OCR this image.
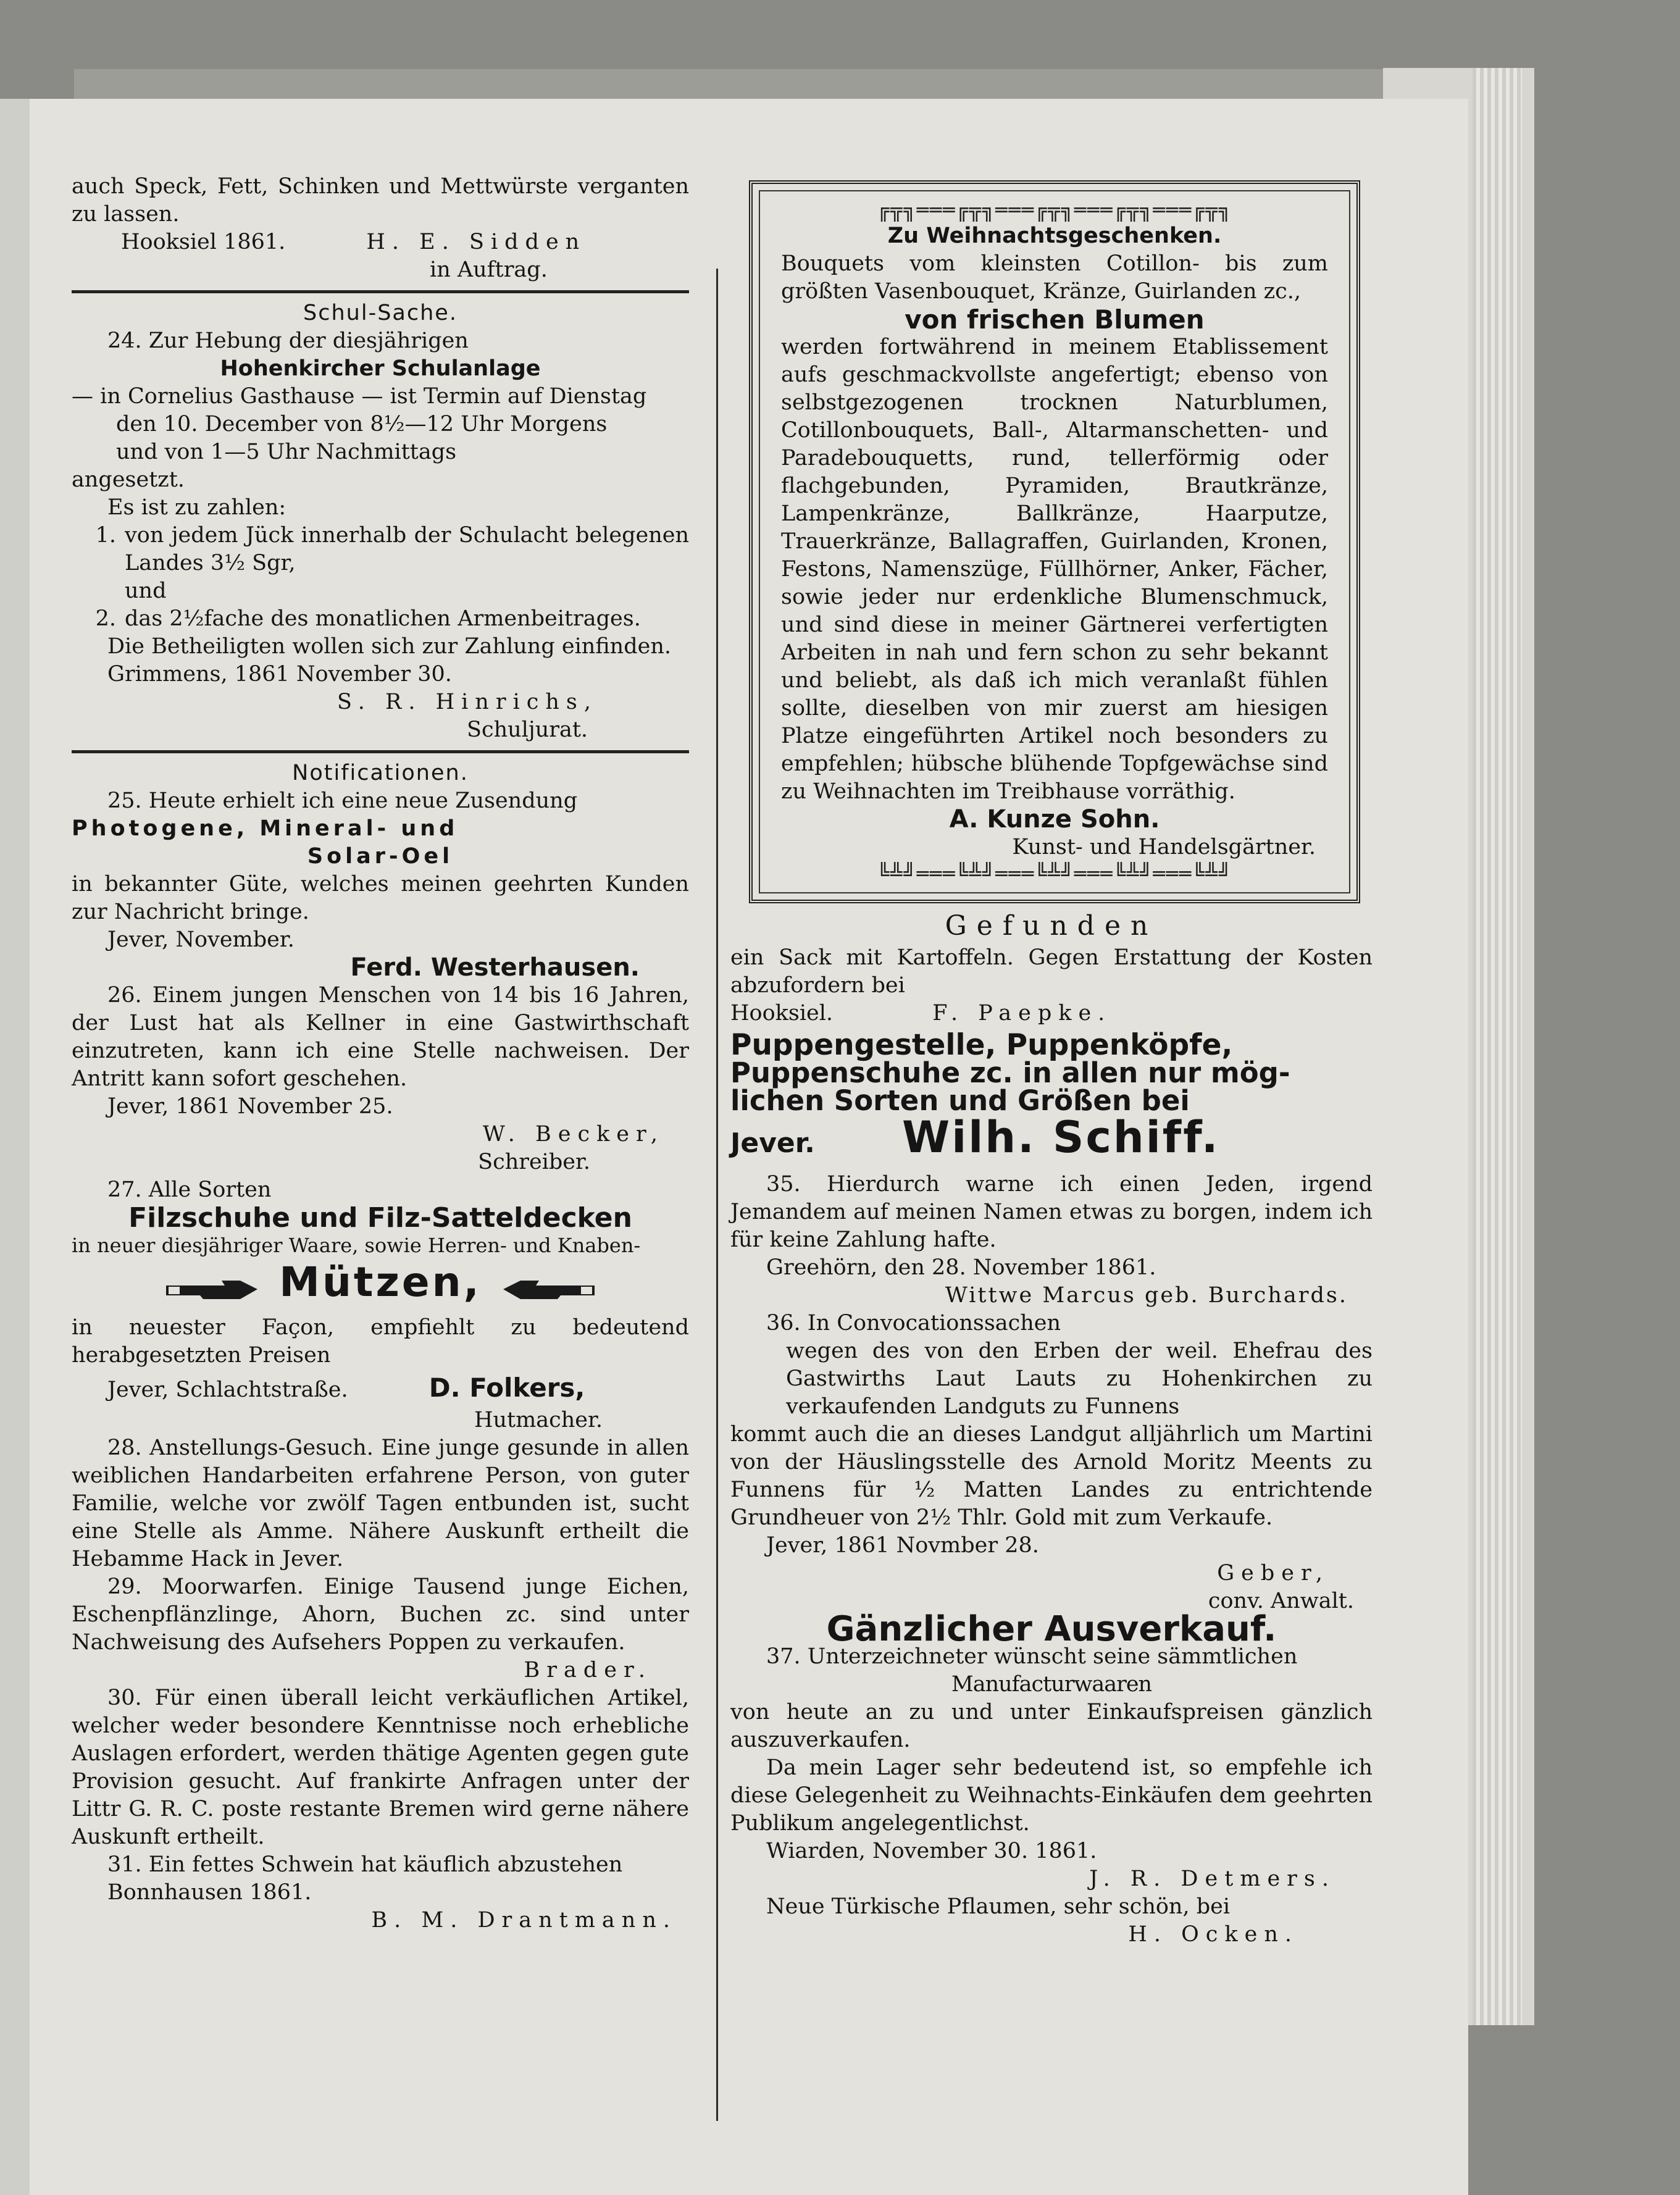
auch Speck, Fett, Schinken und Mettwürste verganten zu lassen.

Hooksiel 1861.	H. E. Sidden

in Auftrag.

Schul-Sache.

24. Zur Hebung der diesjährigen

Hohenkircher Schulanlage

— in Cornelius Gasthause — ist Termin auf Dienstag

den 10. December von 8½—12 Uhr Morgens

und von 1—5 Uhr Nachmittags

angesetzt.

Es ist zu zahlen:

1. von jedem Jück innerhalb der Schulacht belegenen Landes 3½ Sgr,

und

2. das 2½fache des monatlichen Armenbeitrages.

Die Betheiligten wollen sich zur Zahlung einfinden.

Grimmens, 1861 November 30.

S. R. Hinrichs,

Schuljurat.

Notificationen.

25. Heute erhielt ich eine neue Zusendung

Photogene, Mineral- und

Solar-Oel

in bekannter Güte, welches meinen geehrten Kunden zur Nachricht bringe.

Jever, November.

Ferd. Westerhausen.

26. Einem jungen Menschen von 14 bis 16 Jahren, der Lust hat als Kellner in eine Gastwirthschaft einzutreten, kann ich eine Stelle nachweisen. Der Antritt kann sofort geschehen.

Jever, 1861 November 25.

W. Becker,

Schreiber.

27. Alle Sorten

Filzschuhe und Filz-Satteldecken

in neuer diesjähriger Waare, sowie Herren- und Knaben-

Mützen,

in neuester Façon, empfiehlt zu bedeutend herabgesetzten Preisen

Jever, Schlachtstraße.	D. Folkers,

Hutmacher.

28. Anstellungs-Gesuch. Eine junge gesunde in allen weiblichen Handarbeiten erfahrene Person, von guter Familie, welche vor zwölf Tagen entbunden ist, sucht eine Stelle als Amme. Nähere Auskunft ertheilt die Hebamme Hack in Jever.

29. Moorwarfen. Einige Tausend junge Eichen, Eschenpflänzlinge, Ahorn, Buchen zc. sind unter Nachweisung des Aufsehers Poppen zu verkaufen.

Brader.

30. Für einen überall leicht verkäuflichen Artikel, welcher weder besondere Kenntnisse noch erhebliche Auslagen erfordert, werden thätige Agenten gegen gute Provision gesucht. Auf frankirte Anfragen unter der Littr G. R. C. poste restante Bremen wird gerne nähere Auskunft ertheilt.

31. Ein fettes Schwein hat käuflich abzustehen

Bonnhausen 1861.

B. M. Drantmann.

╔╦╗═══╔╦╗═══╔╦╗═══╔╦╗═══╔╦╗

Zu Weihnachtsgeschenken.

Bouquets vom kleinsten Cotillon- bis zum größten Vasenbouquet, Kränze, Guirlanden zc.,

von frischen Blumen

werden fortwährend in meinem Etablissement aufs geschmackvollste angefertigt; ebenso von selbstgezogenen trocknen Naturblumen, Cotillonbouquets, Ball-, Altarmanschetten- und Paradebouquetts, rund, tellerförmig oder flachgebunden, Pyramiden, Brautkränze, Lampenkränze, Ballkränze, Haarputze, Trauerkränze, Ballagraffen, Guirlanden, Kronen, Festons, Namenszüge, Füllhörner, Anker, Fächer, sowie jeder nur erdenkliche Blumenschmuck, und sind diese in meiner Gärtnerei verfertigten Arbeiten in nah und fern schon zu sehr bekannt und beliebt, als daß ich mich veranlaßt fühlen sollte, dieselben von mir zuerst am hiesigen Platze eingeführten Artikel noch besonders zu empfehlen; hübsche blühende Topfgewächse sind zu Weihnachten im Treibhause vorräthig.

A. Kunze Sohn.

Kunst- und Handelsgärtner.

╚╩╝═══╚╩╝═══╚╩╝═══╚╩╝═══╚╩╝

Gefunden

ein Sack mit Kartoffeln. Gegen Erstattung der Kosten abzufordern bei

Hooksiel.	F. Paepke.

Puppengestelle, Puppenköpfe,

Puppenschuhe zc. in allen nur mög-

lichen Sorten und Größen bei

Jever. Wilh. Schiff.

35. Hierdurch warne ich einen Jeden, irgend Jemandem auf meinen Namen etwas zu borgen, indem ich für keine Zahlung hafte.

Greehörn, den 28. November 1861.

Wittwe Marcus geb. Burchards.

36. In Convocationssachen

wegen des von den Erben der weil. Ehefrau des Gastwirths Laut Lauts zu Hohenkirchen zu verkaufenden Landguts zu Funnens

kommt auch die an dieses Landgut alljährlich um Martini von der Häuslingsstelle des Arnold Moritz Meents zu Funnens für ½ Matten Landes zu entrichtende Grundheuer von 2½ Thlr. Gold mit zum Verkaufe.

Jever, 1861 Novmber 28.

Geber,

conv. Anwalt.

Gänzlicher Ausverkauf.

37. Unterzeichneter wünscht seine sämmtlichen

Manufacturwaaren

von heute an zu und unter Einkaufspreisen gänzlich auszuverkaufen.

Da mein Lager sehr bedeutend ist, so empfehle ich diese Gelegenheit zu Weihnachts-Einkäufen dem geehrten Publikum angelegentlichst.

Wiarden, November 30. 1861.

J. R. Detmers.

Neue Türkische Pflaumen, sehr schön, bei

H. Ocken.
